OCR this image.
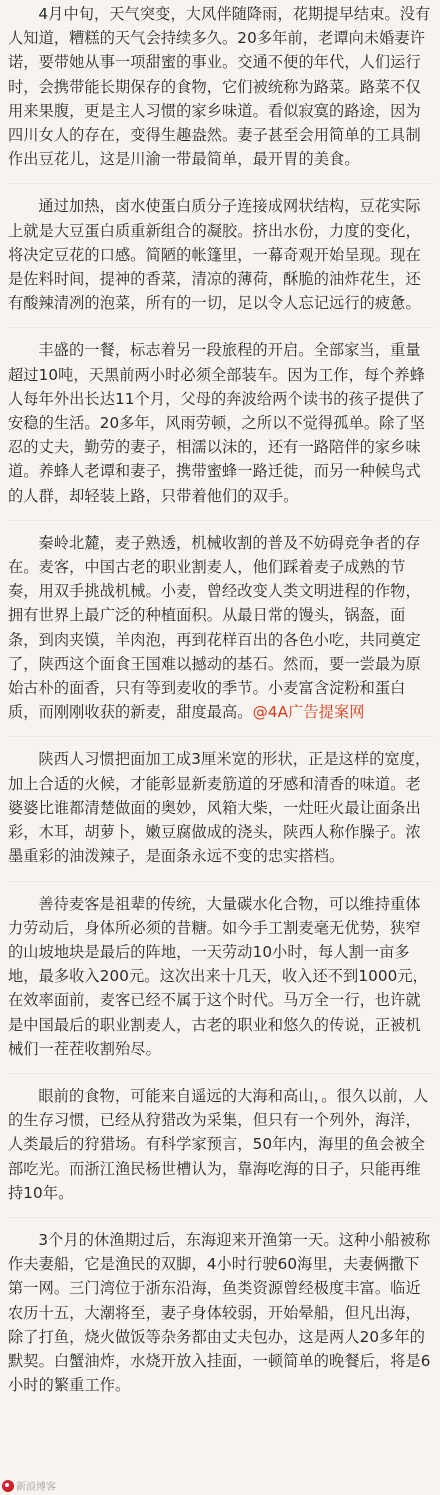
4月中旬，天气突变，大风伴随降雨，花期提早结束。没有人知道，糟糕的天气会持续多久。20多年前，老谭向未婚妻许诺，要带她从事一项甜蜜的事业。交通不便的年代，人们运行时，会携带能长期保存的食物，它们被统称为路菜。路菜不仅用来果腹，更是主人习惯的家乡味道。看似寂寞的路途，因为四川女人的存在，变得生趣盎然。妻子甚至会用简单的工具制作出豆花儿，这是川渝一带最简单，最开胃的美食。

通过加热，卤水使蛋白质分子连接成网状结构，豆花实际上就是大豆蛋白质重新组合的凝胶。挤出水份，力度的变化，将决定豆花的口感。简陋的帐篷里，一幕奇观开始呈现。现在是佐料时间，提神的香菜，清凉的薄荷，酥脆的油炸花生，还有酸辣清冽的泡菜，所有的一切，足以令人忘记远行的疲惫。

丰盛的一餐，标志着另一段旅程的开启。全部家当，重量超过10吨，天黑前两小时必须全部装车。因为工作，每个养蜂人每年外出长达11个月，父母的奔波给两个读书的孩子提供了安稳的生活。20多年，风雨劳顿，之所以不觉得孤单。除了坚忍的丈夫，勤劳的妻子，相濡以沫的，还有一路陪伴的家乡味道。养蜂人老谭和妻子，携带蜜蜂一路迁徙，而另一种候鸟式的人群，却轻装上路，只带着他们的双手。

秦岭北麓，麦子熟透，机械收割的普及不妨碍竞争者的存在。麦客，中国古老的职业割麦人，他们踩着麦子成熟的节奏，用双手挑战机械。小麦，曾经改变人类文明进程的作物，拥有世界上最广泛的种植面积。从最日常的馒头，锅盔，面条，到肉夹馍，羊肉泡，再到花样百出的各色小吃，共同奠定了，陕西这个面食王国难以撼动的基石。然而，要一尝最为原始古朴的面香，只有等到麦收的季节。小麦富含淀粉和蛋白质，而刚刚收获的新麦，甜度最高。@4A广告提案网

陕西人习惯把面加工成3厘米宽的形状，正是这样的宽度，加上合适的火候，才能彰显新麦筋道的牙感和清香的味道。老婆婆比谁都清楚做面的奥妙，风箱大柴，一灶旺火最让面条出彩，木耳，胡萝卜，嫩豆腐做成的浇头，陕西人称作臊子。浓墨重彩的油泼辣子，是面条永远不变的忠实搭档。

善待麦客是祖辈的传统，大量碳水化合物，可以维持重体力劳动后，身体所必须的昔糖。如今手工割麦毫无优势，狭窄的山坡地块是最后的阵地，一天劳动10小时，每人割一亩多地，最多收入200元。这次出来十几天，收入还不到1000元，在效率面前，麦客已经不属于这个时代。马万全一行，也许就是中国最后的职业割麦人，古老的职业和悠久的传说，正被机械们一茬茬收割殆尽。

眼前的食物，可能来自遥远的大海和高山，。很久以前，人的生存习惯，已经从狩猎改为采集，但只有一个列外，海洋，人类最后的狩猎场。有科学家预言，50年内，海里的鱼会被全部吃光。而浙江渔民杨世槽认为，靠海吃海的日子，只能再维持10年。

3个月的休渔期过后，东海迎来开渔第一天。这种小船被称作夫妻船，它是渔民的双脚，4小时行驶60海里，夫妻俩撒下第一网。三门湾位于浙东沿海，鱼类资源曾经极度丰富。临近农历十五，大潮将至，妻子身体较弱，开始晕船，但凡出海，除了打鱼，烧火做饭等杂务都由丈夫包办，这是两人20多年的默契。白蟹油炸，水烧开放入挂面，一顿简单的晚餐后，将是6小时的繁重工作。

新浪博客
